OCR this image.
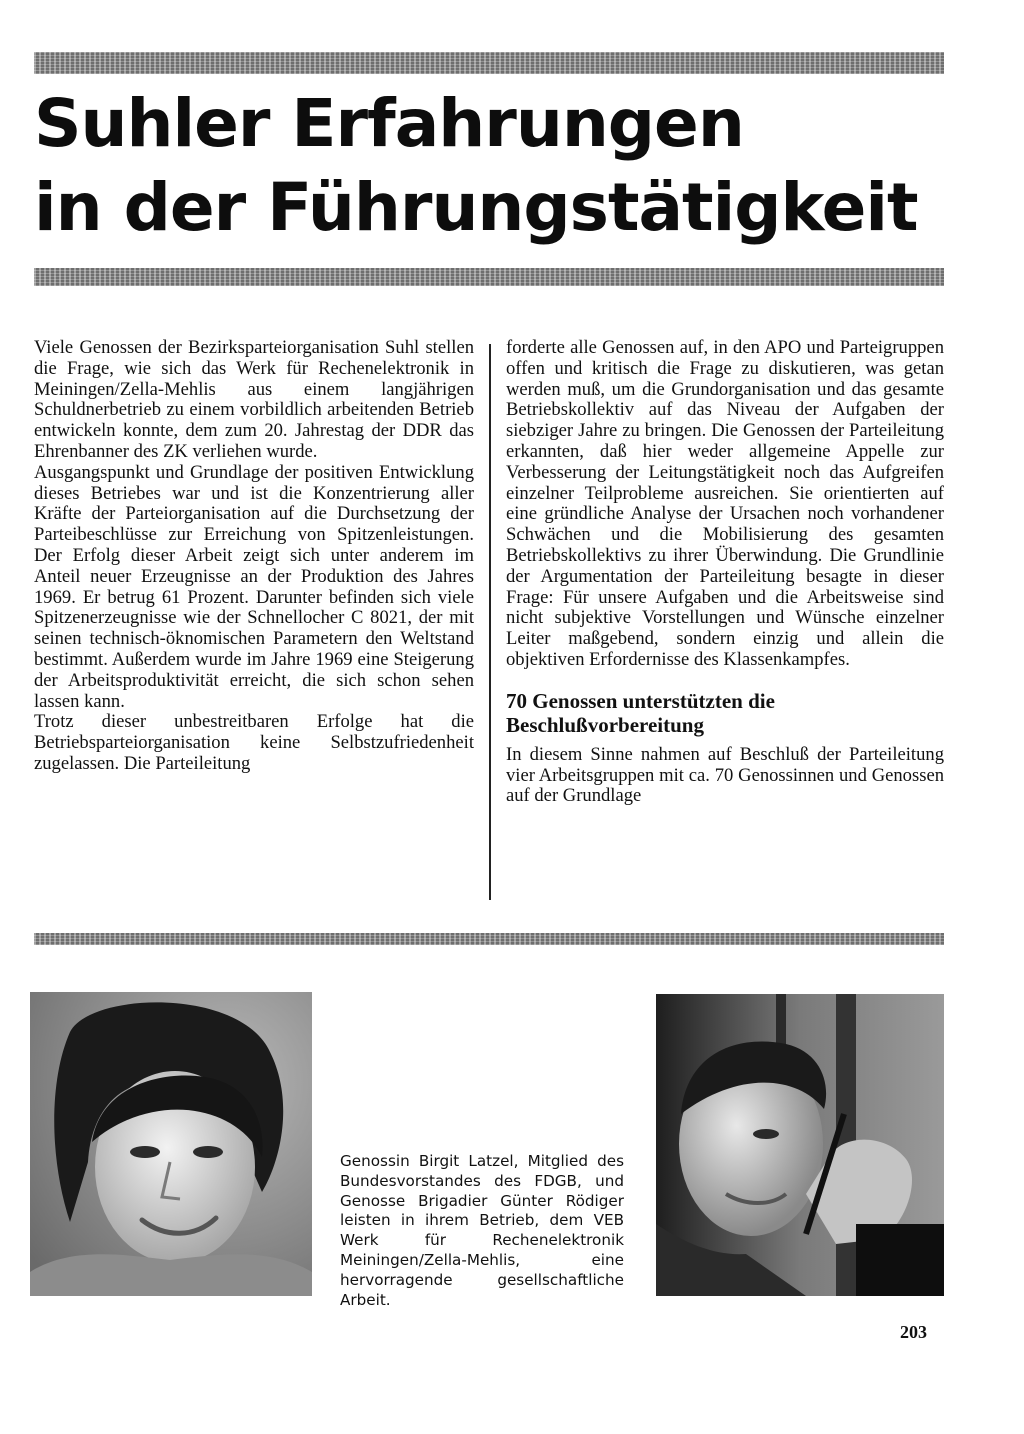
Suhler Erfahrungen
in der Führungstätigkeit

Viele Genossen der Bezirksparteiorganisation Suhl stellen die Frage, wie sich das Werk für Rechenelektronik in Meiningen/Zella-Mehlis aus einem langjährigen Schuldnerbetrieb zu einem vorbildlich arbeitenden Betrieb entwickeln konnte, dem zum 20. Jahrestag der DDR das Ehrenbanner des ZK verliehen wurde.

Ausgangspunkt und Grundlage der positiven Entwicklung dieses Betriebes war und ist die Konzentrierung aller Kräfte der Parteiorganisation auf die Durchsetzung der Parteibeschlüsse zur Erreichung von Spitzenleistungen. Der Erfolg dieser Arbeit zeigt sich unter anderem im Anteil neuer Erzeugnisse an der Produktion des Jahres 1969. Er betrug 61 Prozent. Darunter befinden sich viele Spitzenerzeugnisse wie der Schnellocher C 8021, der mit seinen technisch-öknomischen Parametern den Weltstand bestimmt. Außerdem wurde im Jahre 1969 eine Steigerung der Arbeitsproduktivität erreicht, die sich schon sehen lassen kann.

Trotz dieser unbestreitbaren Erfolge hat die Betriebsparteiorganisation keine Selbstzufriedenheit zugelassen. Die Parteileitung

forderte alle Genossen auf, in den APO und Parteigruppen offen und kritisch die Frage zu diskutieren, was getan werden muß, um die Grundorganisation und das gesamte Betriebskollektiv auf das Niveau der Aufgaben der siebziger Jahre zu bringen. Die Genossen der Parteileitung erkannten, daß hier weder allgemeine Appelle zur Verbesserung der Leitungstätigkeit noch das Aufgreifen einzelner Teilprobleme ausreichen. Sie orientierten auf eine gründliche Analyse der Ursachen noch vorhandener Schwächen und die Mobilisierung des gesamten Betriebskollektivs zu ihrer Überwindung. Die Grundlinie der Argumentation der Parteileitung besagte in dieser Frage: Für unsere Aufgaben und die Arbeitsweise sind nicht subjektive Vorstellungen und Wünsche einzelner Leiter maßgebend, sondern einzig und allein die objektiven Erfordernisse des Klassenkampfes.

70 Genossen unterstützten die Beschlußvorbereitung

In diesem Sinne nahmen auf Beschluß der Parteileitung vier Arbeitsgruppen mit ca. 70 Genossinnen und Genossen auf der Grundlage

Genossin Birgit Latzel, Mitglied des Bundesvorstandes des FDGB, und Genosse Brigadier Günter Rödiger leisten in ihrem Betrieb, dem VEB Werk für Rechenelektronik Meiningen/Zella-Mehlis, eine hervorragende gesellschaftliche Arbeit.
203
